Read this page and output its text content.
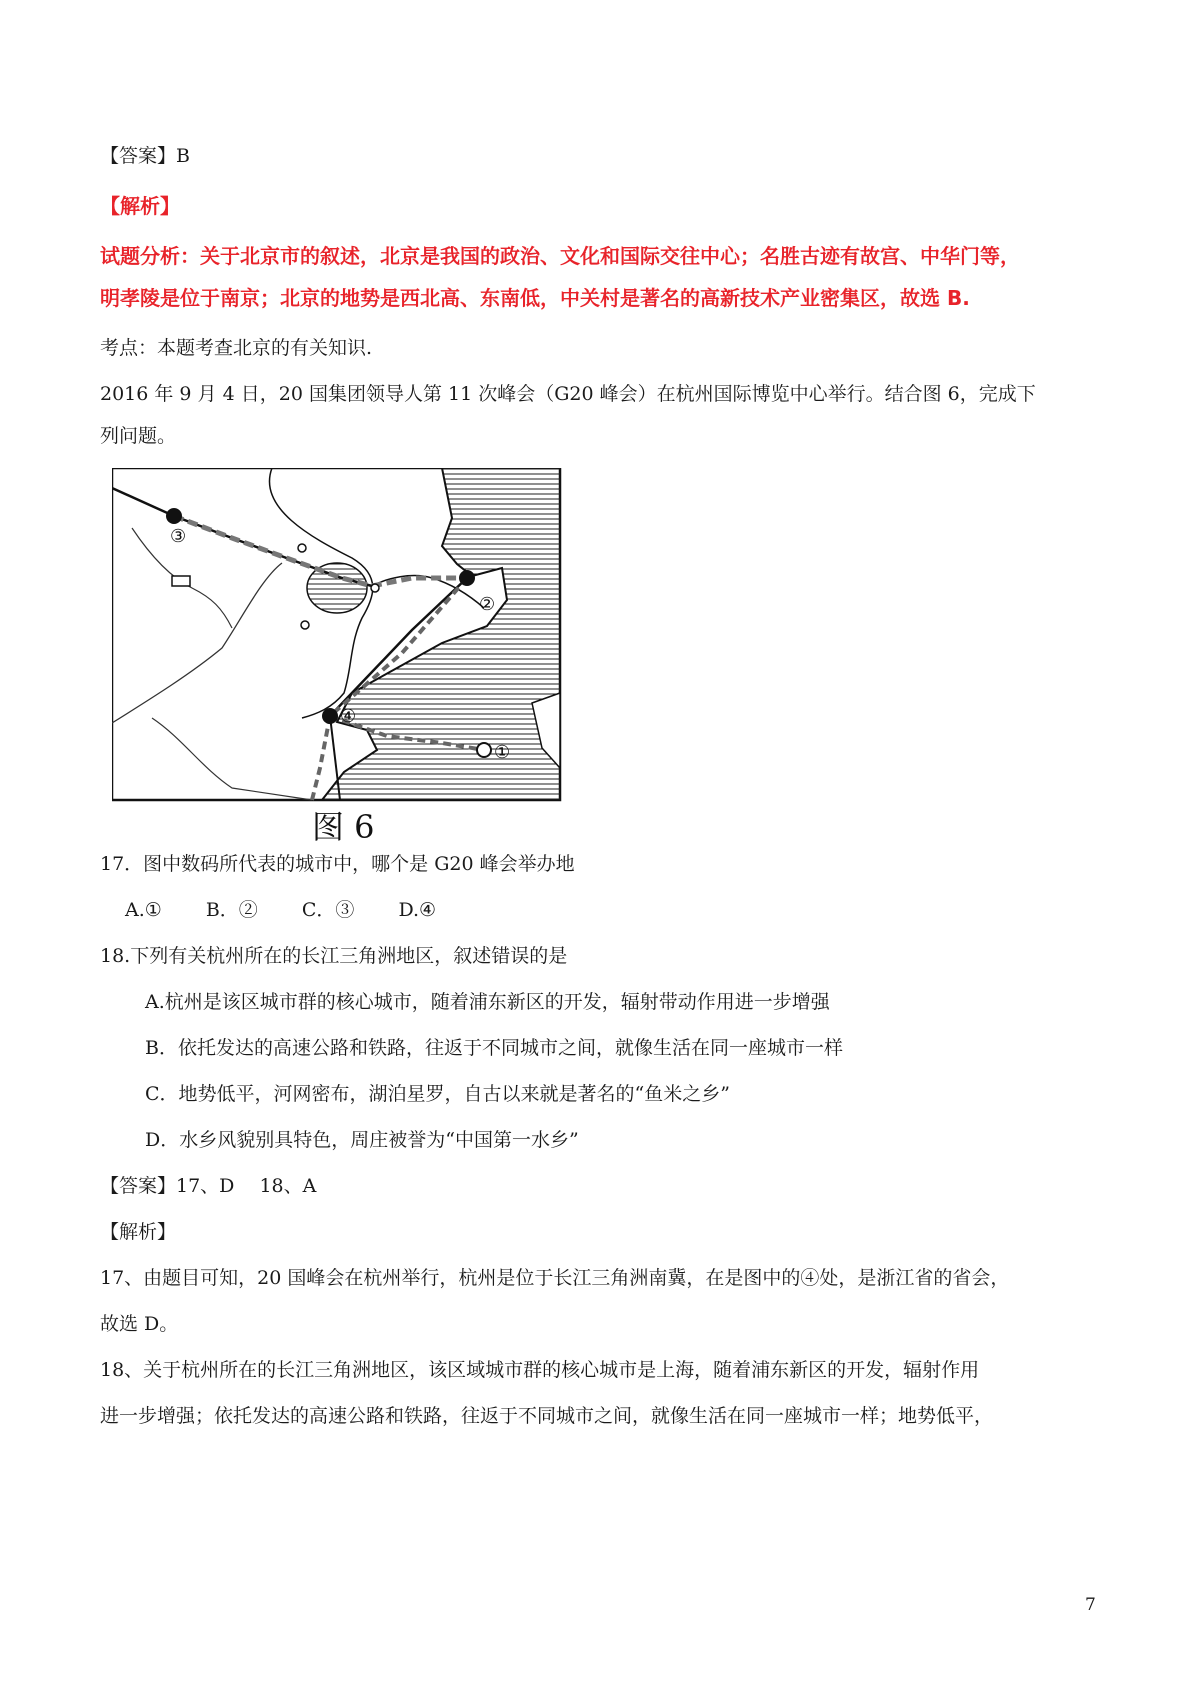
【答案】B
【解析】
试题分析：关于北京市的叙述，北京是我国的政治、文化和国际交往中心；名胜古迹有故宫、中华门等，
明孝陵是位于南京；北京的地势是西北高、东南低，中关村是著名的高新技术产业密集区，故选 B.
考点：本题考查北京的有关知识.
2016 年 9 月 4 日，20 国集团领导人第 11 次峰会（G20 峰会）在杭州国际博览中心举行。结合图 6，完成下
列问题。
③
②
④
①
图 6
17．图中数码所代表的城市中，哪个是 G20 峰会举办地
A.① B．② C．③ D.④
18.下列有关杭州所在的长江三角洲地区，叙述错误的是
A.杭州是该区城市群的核心城市，随着浦东新区的开发，辐射带动作用进一步增强
B．依托发达的高速公路和铁路，往返于不同城市之间，就像生活在同一座城市一样
C．地势低平，河网密布，湖泊星罗，自古以来就是著名的“鱼米之乡”
D．水乡风貌别具特色，周庄被誉为“中国第一水乡”
【答案】17、D　 18、A
【解析】
17、由题目可知，20 国峰会在杭州举行，杭州是位于长江三角洲南冀，在是图中的④处，是浙江省的省会，
故选 D。
18、关于杭州所在的长江三角洲地区，该区域城市群的核心城市是上海，随着浦东新区的开发，辐射作用
进一步增强；依托发达的高速公路和铁路，往返于不同城市之间，就像生活在同一座城市一样；地势低平，
7
